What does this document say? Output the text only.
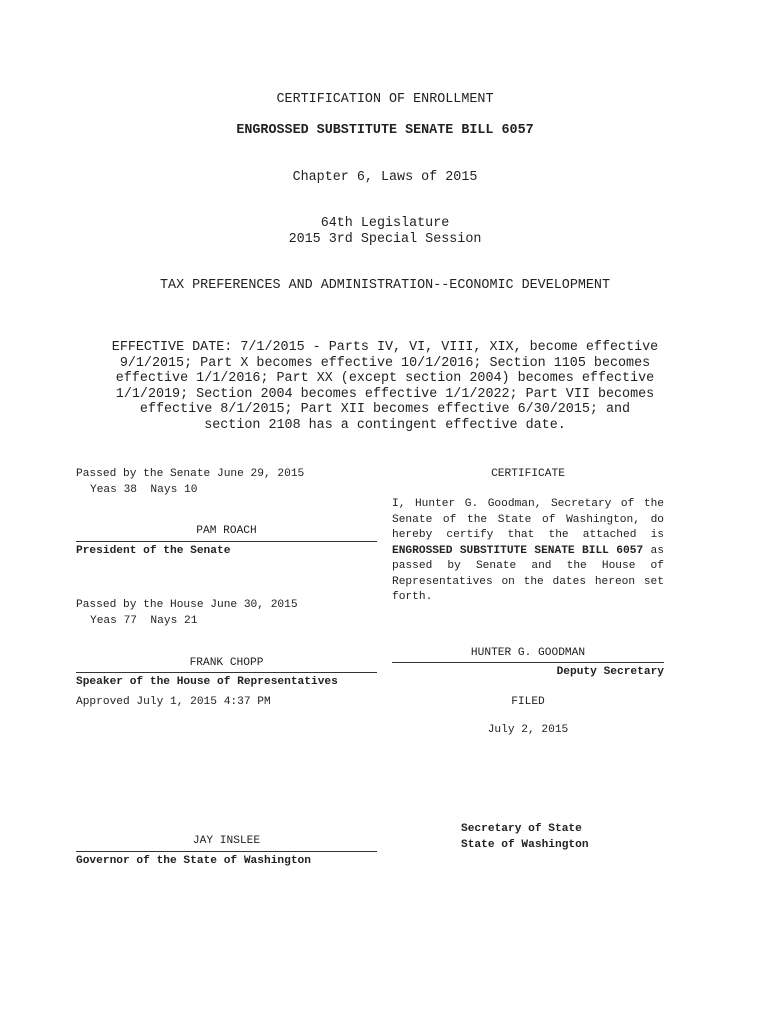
CERTIFICATION OF ENROLLMENT
ENGROSSED SUBSTITUTE SENATE BILL 6057
Chapter 6, Laws of 2015
64th Legislature
2015 3rd Special Session
TAX PREFERENCES AND ADMINISTRATION--ECONOMIC DEVELOPMENT
EFFECTIVE DATE: 7/1/2015 - Parts IV, VI, VIII, XIX, become effective
9/1/2015; Part X becomes effective 10/1/2016; Section 1105 becomes
effective 1/1/2016; Part XX (except section 2004) becomes effective
1/1/2019; Section 2004 becomes effective 1/1/2022; Part VII becomes
effective 8/1/2015; Part XII becomes effective 6/30/2015; and
section 2108 has a contingent effective date.
Passed by the Senate June 29, 2015
Yeas 38  Nays 10
PAM ROACH
President of the Senate
Passed by the House June 30, 2015
Yeas 77  Nays 21
FRANK CHOPP
Speaker of the House of Representatives
Approved July 1, 2015 4:37 PM
JAY INSLEE
Governor of the State of Washington
CERTIFICATE
I, Hunter G. Goodman, Secretary of the Senate of the State of Washington, do hereby certify that the attached is ENGROSSED SUBSTITUTE SENATE BILL 6057 as passed by Senate and the House of Representatives on the dates hereon set forth.
HUNTER G. GOODMAN
Deputy Secretary
FILED
July 2, 2015
Secretary of State
State of Washington
